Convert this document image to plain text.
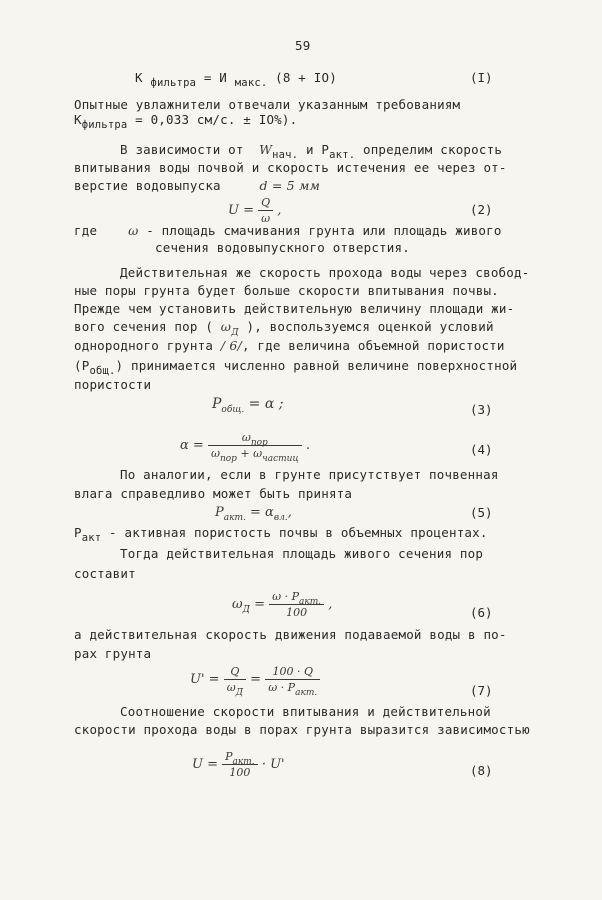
59
К $_{фильтра}$ = И $_{макс.}$ (8 + IO)	(I)
Опытные увлажнители отвечали указанным требованиям
$К_{фильтра} = 0,033$ см/с. ± IO%).
В зависимости от $W_{нач.}$ и $Р_{акт.}$ определим скорость
впитывания воды почвой и скорость истечения ее через от-
верстие водовыпуска	d = 5 мм
$U = \frac{Q}{\omega}$ ,	(2)
где ω - площадь смачивания грунта или площадь живого
сечения водовыпускного отверстия.
Действительная же скорость прохода воды через свобод-
ные поры грунта будет больше скорости впитывания почвы.
Прежде чем установить действительную величину площади жи-
вого сечения пор ( $\omega_Д$ ), воспользуемся оценкой условий
однородного грунта / 6/, где величина объемной пористости
$(Р_{общ.})$ принимается численно равной величине поверхностной
пористости
$P_{общ.} = \alpha$ ;	(3)
$\alpha = \frac{\omega_{пор}}{\omega_{пор} + \omega_{частиц}}$ .	(4)
По аналогии, если в грунте присутствует почвенная
влага справедливо может быть принята
$P_{акт.} = \alpha_{вл.}$,	(5)
$Р_{акт}$ - активная пористость почвы в объемных процентах.
Тогда действительная площадь живого сечения пор
составит
$\omega_Д = \frac{\omega \cdot P_{акт.}}{100}$ ,
(6)
а действительная скорость движения подаваемой воды в по-
рах грунта
$U' = \frac{Q}{\omega_Д} = \frac{100 \cdot Q}{\omega \cdot P_{акт.}}$	(7)
Соотношение скорости впитывания и действительной
скорости прохода воды в порах грунта выразится зависимостью
$U = \frac{P_{акт.}}{100} \cdot U'$	(8)
